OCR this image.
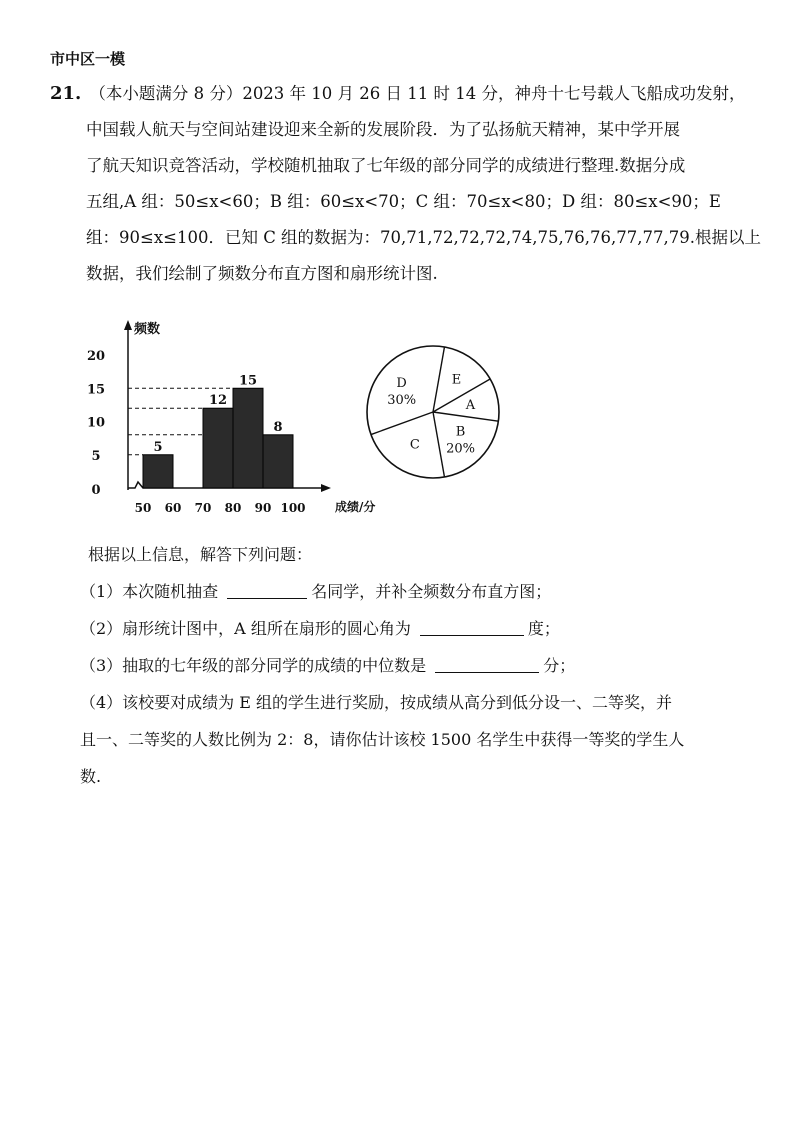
市中区一模
21. （本小题满分 8 分）2023 年 10 月 26 日 11 时 14 分，神舟十七号载人飞船成功发射，
中国载人航天与空间站建设迎来全新的发展阶段．为了弘扬航天精神，某中学开展
了航天知识竞答活动，学校随机抽取了七年级的部分同学的成绩进行整理.数据分成
五组,A 组：50≤x<60；B 组：60≤x<70；C 组：70≤x<80；D 组：80≤x<90；E
组：90≤x≤100．已知 C 组的数据为：70,71,72,72,72,74,75,76,76,77,77,79.根据以上
数据，我们绘制了频数分布直方图和扇形统计图.
频数
成绩/分
0
5
10
15
20
50 60 70 80 90 100
5
12
15
8
E
A
B
20%
C
D
30%
根据以上信息，解答下列问题：
（1）本次随机抽查	名同学，并补全频数分布直方图；
（2）扇形统计图中，A 组所在扇形的圆心角为	度；
（3）抽取的七年级的部分同学的成绩的中位数是	分；
（4）该校要对成绩为 E 组的学生进行奖励，按成绩从高分到低分设一、二等奖，并
且一、二等奖的人数比例为 2：8，请你估计该校 1500 名学生中获得一等奖的学生人
数.
